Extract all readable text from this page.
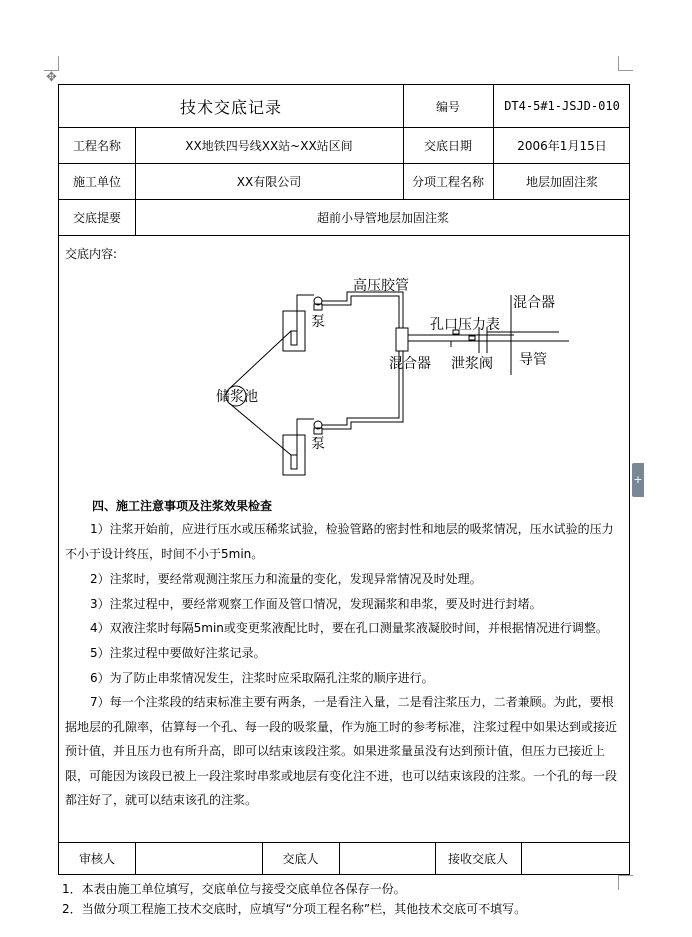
✥
+
技术交底记录	编号	DT4-5#1-JSJD-010
工程名称	XX地铁四号线XX站~XX站区间	交底日期	2006年1月15日
施工单位	XX有限公司	分项工程名称	地层加固注浆
交底提要	超前小导管地层加固注浆
交底内容:
高压胶管
混合器
孔口压力表
混合器 泄浆阀 导管
储浆池
泵
泵
四、施工注意事项及注浆效果检查
1）注浆开始前，应进行压水或压稀浆试验，检验管路的密封性和地层的吸浆情况，压水试验的压力不小于设计终压，时间不小于5min。
2）注浆时，要经常观测注浆压力和流量的变化，发现异常情况及时处理。
3）注浆过程中，要经常观察工作面及管口情况，发现漏浆和串浆，要及时进行封堵。
4）双液注浆时每隔5min或变更浆液配比时，要在孔口测量浆液凝胶时间，并根据情况进行调整。
5）注浆过程中要做好注浆记录。
6）为了防止串浆情况发生，注浆时应采取隔孔注浆的顺序进行。
7）每一个注浆段的结束标准主要有两条，一是看注入量，二是看注浆压力，二者兼顾。为此，要根据地层的孔隙率，估算每一个孔、每一段的吸浆量，作为施工时的参考标准，注浆过程中如果达到或接近预计值，并且压力也有所升高，即可以结束该段注浆。如果进浆量虽没有达到预计值，但压力已接近上限，可能因为该段已被上一段注浆时串浆或地层有变化注不进，也可以结束该段的注浆。一个孔的每一段都注好了，就可以结束该孔的注浆。
审核人	交底人	接收交底人
1．本表由施工单位填写，交底单位与接受交底单位各保存一份。
2．当做分项工程施工技术交底时，应填写“分项工程名称”栏，其他技术交底可不填写。
